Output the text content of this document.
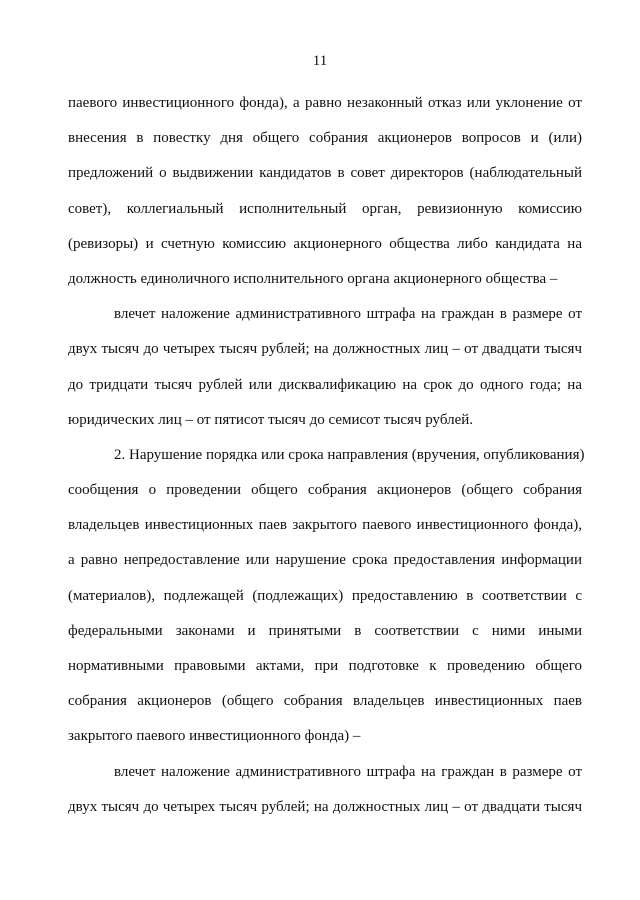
11
паевого инвестиционного фонда), а равно незаконный отказ или уклонение от
внесения в повестку дня общего собрания акционеров вопросов и (или)
предложений о выдвижении кандидатов в совет директоров (наблюдательный
совет), коллегиальный исполнительный орган, ревизионную комиссию
(ревизоры) и счетную комиссию акционерного общества либо кандидата на
должность единоличного исполнительного органа акционерного общества –
влечет наложение административного штрафа на граждан в размере от
двух тысяч до четырех тысяч рублей; на должностных лиц – от двадцати тысяч
до тридцати тысяч рублей или дисквалификацию на срок до одного года; на
юридических лиц – от пятисот тысяч до семисот тысяч рублей.
2. Нарушение порядка или срока направления (вручения, опубликования)
сообщения о проведении общего собрания акционеров (общего собрания
владельцев инвестиционных паев закрытого паевого инвестиционного фонда),
а равно непредоставление или нарушение срока предоставления информации
(материалов), подлежащей (подлежащих) предоставлению в соответствии с
федеральными законами и принятыми в соответствии с ними иными
нормативными правовыми актами, при подготовке к проведению общего
собрания акционеров (общего собрания владельцев инвестиционных паев
закрытого паевого инвестиционного фонда) –
влечет наложение административного штрафа на граждан в размере от
двух тысяч до четырех тысяч рублей; на должностных лиц – от двадцати тысяч
